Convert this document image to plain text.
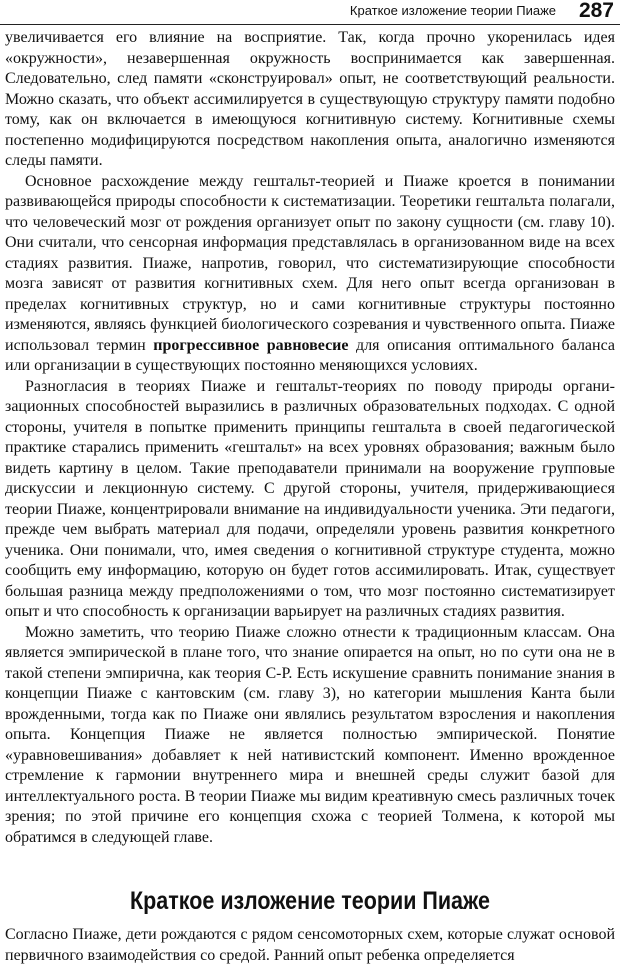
Краткое изложение теории Пиаже 287

увеличивается его влияние на восприятие. Так, когда прочно укоренилась идея «окружности», незавершенная окружность воспринимается как завершенная. Следовательно, след памяти «сконструировал» опыт, не соответствующий реальности. Можно сказать, что объект ассимилируется в существующую структуру памяти подобно тому, как он включается в имеющуюся когнитивную систему. Когнитивные схемы постепенно модифицируются посредством накопления опыта, аналогично изменяются следы памяти.

Основное расхождение между гештальт-теорией и Пиаже кроется в понимании развивающейся природы способности к систематизации. Теоретики гештальта полагали, что человеческий мозг от рождения организует опыт по закону сущности (см. главу 10). Они считали, что сенсорная информация представлялась в организованном виде на всех стадиях развития. Пиаже, напротив, говорил, что систематизирующие способности мозга зависят от развития когнитивных схем. Для него опыт всегда организован в пределах когнитивных структур, но и сами когнитивные структуры постоянно изменяются, являясь функцией биологического созревания и чувственного опыта. Пиаже использовал термин прогрессивное равновесие для описания оптимального баланса или организации в существующих постоянно меняющихся условиях.

Разногласия в теориях Пиаже и гештальт-теориях по поводу природы организационных способностей выразились в различных образовательных подходах. С одной стороны, учителя в попытке применить принципы гештальта в своей педагогической практике старались применить «гештальт» на всех уровнях образования; важным было видеть картину в целом. Такие преподаватели принимали на вооружение групповые дискуссии и лекционную систему. С другой стороны, учителя, придерживающиеся теории Пиаже, концентрировали внимание на индивидуальности ученика. Эти педагоги, прежде чем выбрать материал для подачи, определяли уровень развития конкретного ученика. Они понимали, что, имея сведения о когнитивной структуре студента, можно сообщить ему информацию, которую он будет готов ассимилировать. Итак, существует большая разница между предположениями о том, что мозг постоянно систематизирует опыт и что способность к организации варьирует на различных стадиях развития.

Можно заметить, что теорию Пиаже сложно отнести к традиционным классам. Она является эмпирической в плане того, что знание опирается на опыт, но по сути она не в такой степени эмпирична, как теория С-Р. Есть искушение сравнить понимание знания в концепции Пиаже с кантовским (см. главу 3), но категории мышления Канта были врожденными, тогда как по Пиаже они являлись результатом взросления и накопления опыта. Концепция Пиаже не является полностью эмпирической. Понятие «уравновешивания» добавляет к ней нативистский компонент. Именно врожденное стремление к гармонии внутреннего мира и внешней среды служит базой для интеллектуального роста. В теории Пиаже мы видим креативную смесь различных точек зрения; по этой причине его концепция схожа с теорией Толмена, к которой мы обратимся в следующей главе.

Краткое изложение теории Пиаже

Согласно Пиаже, дети рождаются с рядом сенсомоторных схем, которые служат основой первичного взаимодействия со средой. Ранний опыт ребенка определяется
